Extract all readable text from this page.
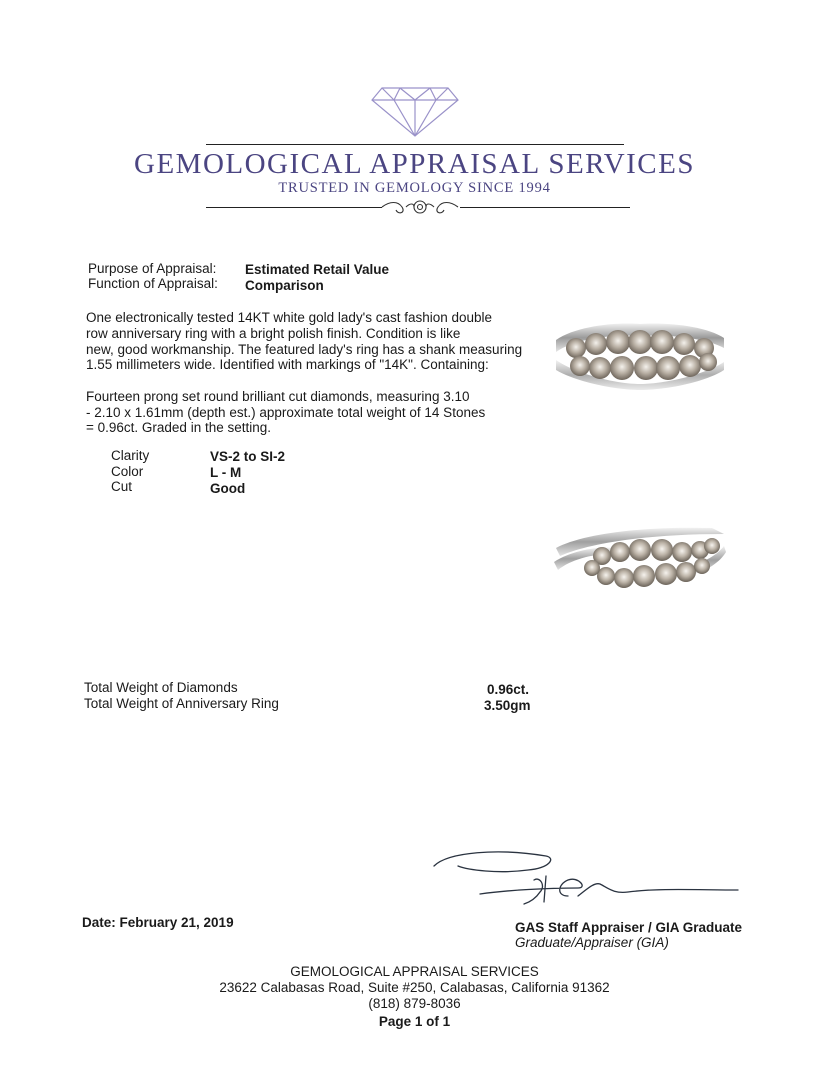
GEMOLOGICAL APPRAISAL SERVICES
TRUSTED IN GEMOLOGY SINCE 1994
Purpose of Appraisal: Estimated Retail Value
Function of Appraisal: Comparison
One electronically tested 14KT white gold lady's cast fashion double
row anniversary ring with a bright polish finish. Condition is like
new, good workmanship. The featured lady's ring has a shank measuring
1.55 millimeters wide. Identified with markings of "14K". Containing:
Fourteen prong set round brilliant cut diamonds, measuring 3.10
- 2.10 x 1.61mm (depth est.) approximate total weight of 14 Stones
= 0.96ct. Graded in the setting.
Clarity	VS-2 to SI-2
Color	L - M
Cut	Good
Total Weight of Diamonds	0.96ct.
Total Weight of Anniversary Ring	3.50gm
Date: February 21, 2019	GAS Staff Appraiser / GIA Graduate
Graduate/Appraiser (GIA)
GEMOLOGICAL APPRAISAL SERVICES
23622 Calabasas Road, Suite #250, Calabasas, California 91362
(818) 879-8036
Page 1 of 1
